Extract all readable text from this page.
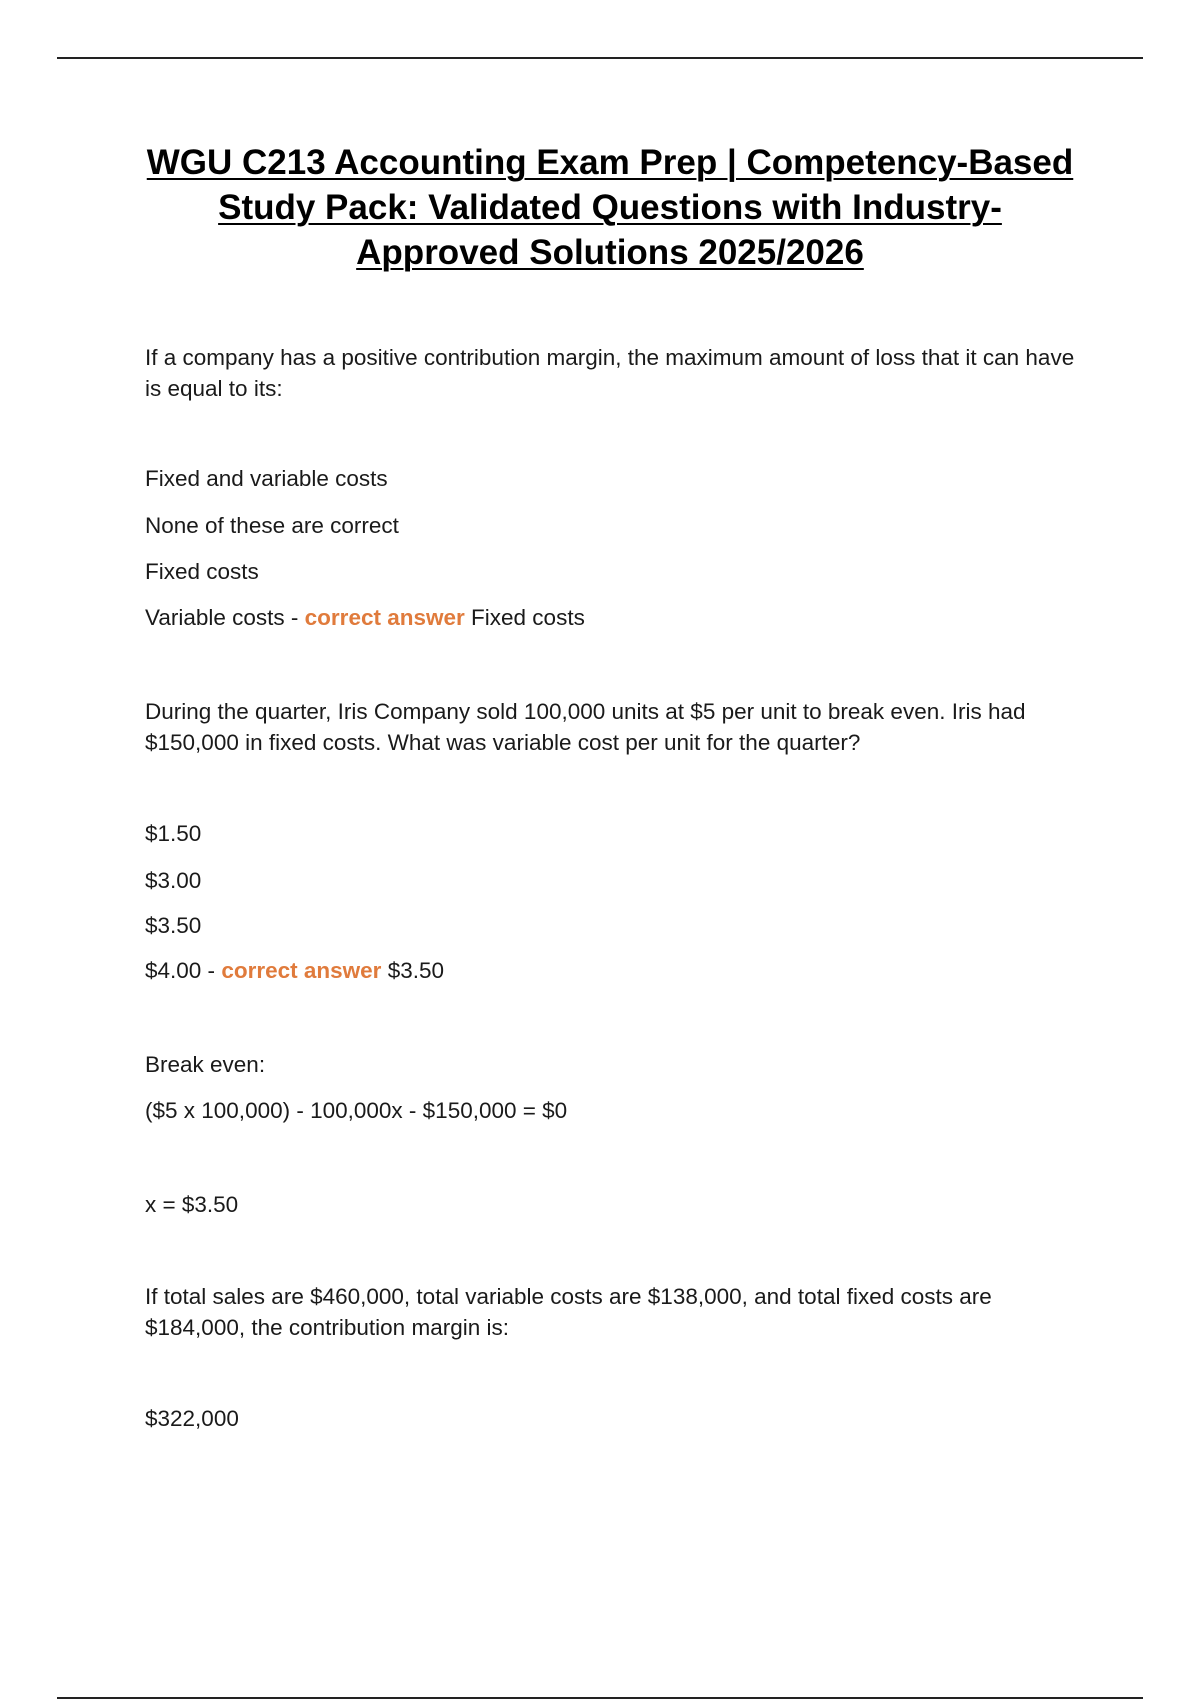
WGU C213 Accounting Exam Prep | Competency-Based Study Pack: Validated Questions with Industry-Approved Solutions 2025/2026

If a company has a positive contribution margin, the maximum amount of loss that it can have is equal to its:

Fixed and variable costs

None of these are correct

Fixed costs

Variable costs - correct answer Fixed costs

During the quarter, Iris Company sold 100,000 units at $5 per unit to break even. Iris had $150,000 in fixed costs. What was variable cost per unit for the quarter?

$1.50

$3.00

$3.50

$4.00 - correct answer $3.50

Break even:

($5 x 100,000) - 100,000x - $150,000 = $0

x = $3.50

If total sales are $460,000, total variable costs are $138,000, and total fixed costs are $184,000, the contribution margin is:

$322,000
